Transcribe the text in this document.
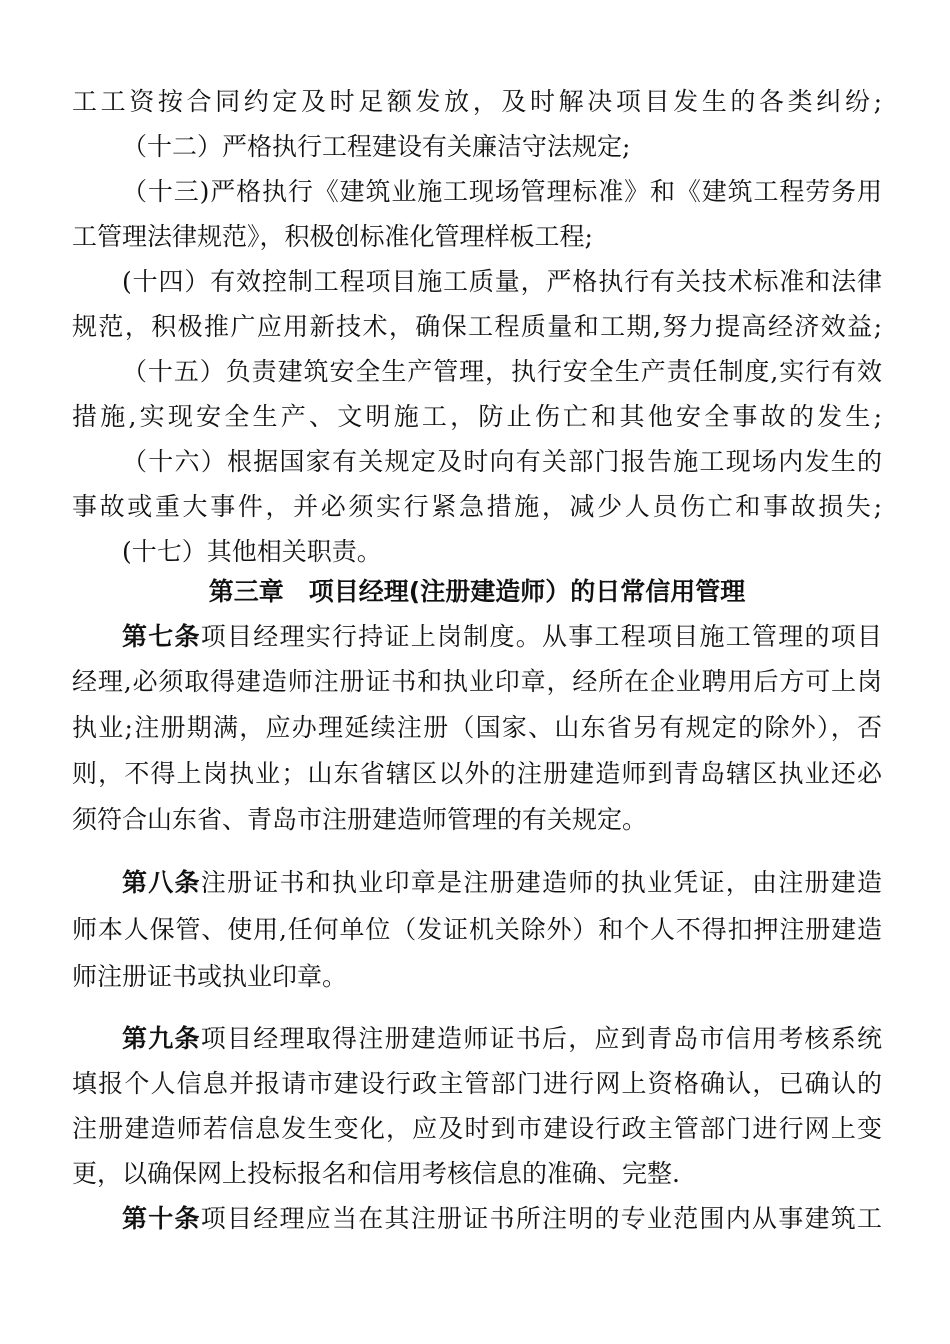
工工资按合同约定及时足额发放，及时解决项目发生的各类纠纷;
（十二）严格执行工程建设有关廉洁守法规定;
（十三)严格执行《建筑业施工现场管理标准》和《建筑工程劳务用
工管理法律规范》，积极创标准化管理样板工程;
(十四）有效控制工程项目施工质量，严格执行有关技术标准和法律
规范，积极推广应用新技术，确保工程质量和工期,努力提高经济效益;
（十五）负责建筑安全生产管理，执行安全生产责任制度,实行有效
措施,实现安全生产、文明施工，防止伤亡和其他安全事故的发生;
（十六）根据国家有关规定及时向有关部门报告施工现场内发生的
事故或重大事件，并必须实行紧急措施，减少人员伤亡和事故损失;
(十七）其他相关职责。
第三章　项目经理(注册建造师）的日常信用管理
第七条项目经理实行持证上岗制度。从事工程项目施工管理的项目
经理,必须取得建造师注册证书和执业印章，经所在企业聘用后方可上岗
执业;注册期满，应办理延续注册（国家、山东省另有规定的除外），否
则，不得上岗执业；山东省辖区以外的注册建造师到青岛辖区执业还必
须符合山东省、青岛市注册建造师管理的有关规定。
第八条注册证书和执业印章是注册建造师的执业凭证，由注册建造
师本人保管、使用,任何单位（发证机关除外）和个人不得扣押注册建造
师注册证书或执业印章。
第九条项目经理取得注册建造师证书后，应到青岛市信用考核系统
填报个人信息并报请市建设行政主管部门进行网上资格确认，已确认的
注册建造师若信息发生变化，应及时到市建设行政主管部门进行网上变
更，以确保网上投标报名和信用考核信息的准确、完整.
第十条项目经理应当在其注册证书所注明的专业范围内从事建筑工
